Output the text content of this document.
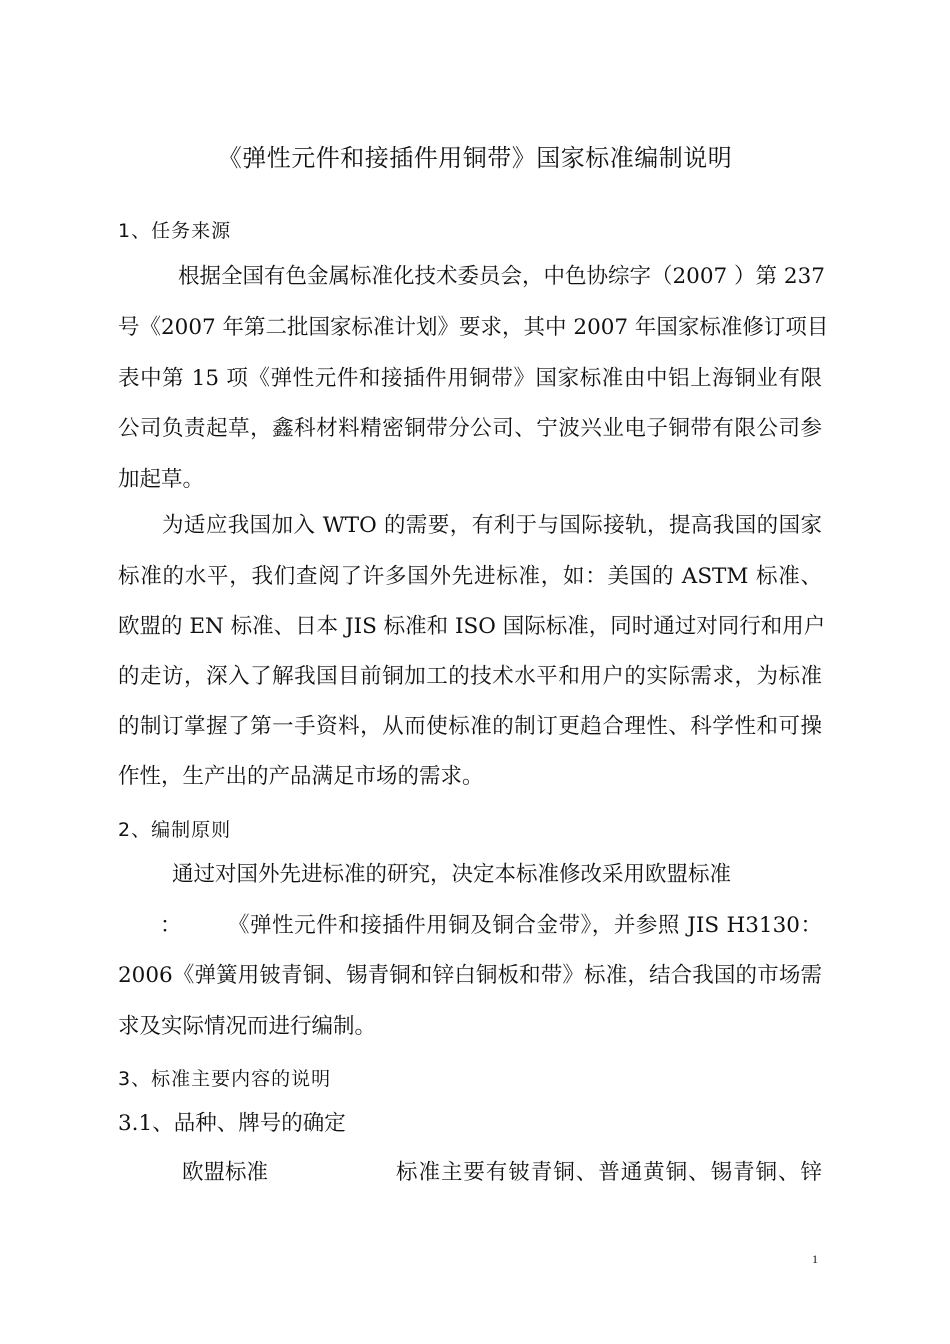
《弹性元件和接插件用铜带》国家标准编制说明
1、任务来源
根据全国有色金属标准化技术委员会，中色协综字（2007 ）第 237
号《2007 年第二批国家标准计划》要求，其中 2007 年国家标准修订项目
表中第 15 项《弹性元件和接插件用铜带》国家标准由中铝上海铜业有限
公司负责起草，鑫科材料精密铜带分公司、宁波兴业电子铜带有限公司参
加起草。
为适应我国加入 WTO 的需要，有利于与国际接轨，提高我国的国家
标准的水平，我们查阅了许多国外先进标准，如：美国的 ASTM 标准、
欧盟的 EN 标准、日本 JIS 标准和 ISO 国际标准，同时通过对同行和用户
的走访，深入了解我国目前铜加工的技术水平和用户的实际需求，为标准
的制订掌握了第一手资料，从而使标准的制订更趋合理性、科学性和可操
作性，生产出的产品满足市场的需求。
2、编制原则
通过对国外先进标准的研究，决定本标准修改采用欧盟标准
：	《弹性元件和接插件用铜及铜合金带》，并参照 JIS H3130：
2006《弹簧用铍青铜、锡青铜和锌白铜板和带》标准，结合我国的市场需
求及实际情况而进行编制。
3、标准主要内容的说明
3.1、品种、牌号的确定
欧盟标准	标准主要有铍青铜、普通黄铜、锡青铜、锌
1
